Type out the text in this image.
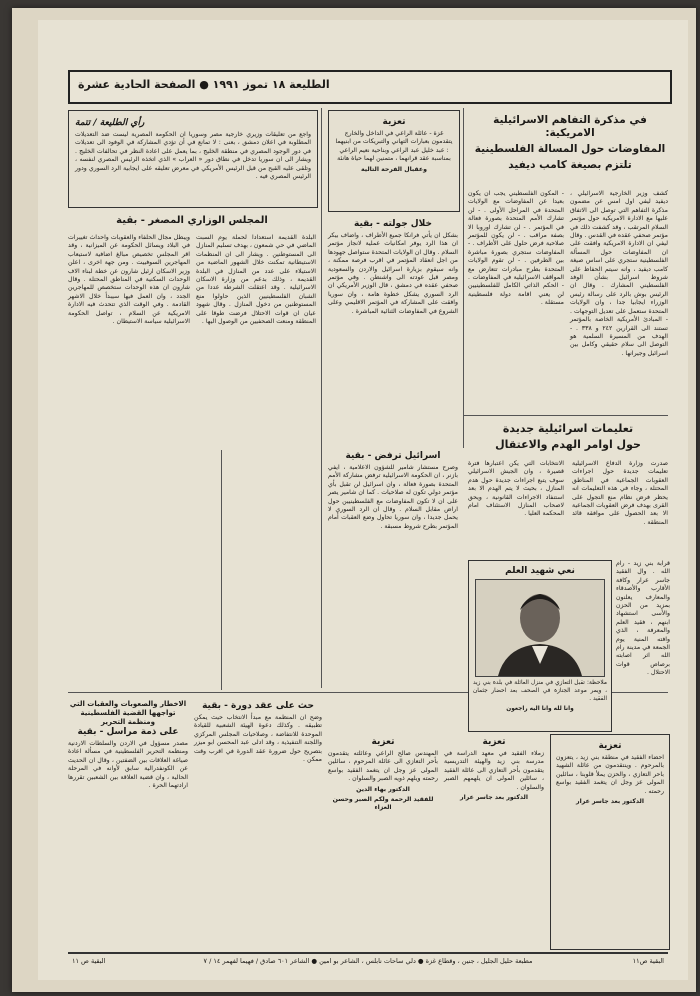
الطليعة ١٨ تموز ١٩٩١ ● الصفحة الحادية عشرة
رأي الطليعة / تتمة

واجع من تعليقات وزيري خارجية مصر وسوريا ان الحكومة المصرية ليست ضد التعديلات المطلوبة في اعلان دمشق ، بعنى : لا تمانع في أن تؤدي المشاركة في الوفود الى تعديلات في دور الوجود المصري في منطقة الخليج ، بما يعمل على اعادة النظر في تحالفات الخليج . ويشار الى ان سوريا تدخل في نطاق دور « العراب » الذي اتخذه الرئيس المصري لنفسه ، وتلقى عليه القبح من قبل الرئيس الأمريكي في معرض تعليقه على ايجابية الرد السوري ودور الرئيس المصري فيه .

تعزية

غزة - عائلة الراعي في الداخل والخارج يتقدمون بعبارات التهاني والتبريكات من ابنيهما : عبد خليل عبد الراعي وبناحية نعيم الراعي بمناسبة عقد قرانهما ، متمنين لهما حياة هانئة

وعقبال الفرحة التالية

في مذكرة التفاهم الاسرائيلية الامريكية:
المفاوضات حول المسالة الفلسطينية
تلتزم بصيغة كامب ديفيد

كشف وزير الخارجية الاسرائيلي ، ديفيد ليفي اول امس عن مضمون مذكرة التفاهم التي توصل الى الاتفاق عليها مع الادارة الامريكية حول مؤتمر السلام المرتقب ، وقد كشفت ذلك في مؤتمر صحفي عقده في القدس . وقال ليفي ان الادارة الامريكية وافقت على ان المفاوضات حول المسألة الفلسطينية ستجري على اساس صيغة كامب ديفيد ، وانه سيتم الحفاظ على شروط اسرائيل بشأن الوفد الفلسطيني المشارك . وقال ان الرئيس بوش بالرد على رسالة رئيس الوزراء ايجابيا جدا ، وان الولايات المتحدة ستعمل على تعديل التوجهات . - المبادئ الأمريكية الخاصة بالمؤتمر تستند الى القرارين ٢٤٢ و ٣٣٨ . - الهدف من المسيرة السلمية هو التوصل الى سلام حقيقي وكامل بين اسرائيل وجيرانها .

- المكون الفلسطيني يجب ان يكون بعيدا عن المفاوضات مع الولايات المتحدة في المراحل الأولى . - لن تشارك الأمم المتحدة بصورة فعالة في المؤتمر . - لن تشارك اوروبا الا بصفة مراقب . - لن يكون للمؤتمر صلاحية فرض حلول على الأطراف . - المفاوضات ستجري بصورة مباشرة بين الطرفين . - لن تقوم الولايات المتحدة بطرح مبادرات تتعارض مع المواقف الاسرائيلية في المفاوضات . - الحكم الذاتي الكامل للفلسطينيين لن يعني اقامة دولة فلسطينية مستقلة .

خلال جولته - بقية

بشكل ان يأتي فرانكا جميع الأطراف ، واضاف بيكر ان هذا الرد يوفر امكانيات عملية لانجاز مؤتمر السلام . وقال ان الولايات المتحدة ستواصل جهودها من اجل انعقاد المؤتمر في اقرب فرصة ممكنة ، وانه سيقوم بزيارة اسرائيل والاردن والسعودية ومصر قبل عودته الى واشنطن . وفي مؤتمر صحفي عقده في دمشق ، قال الوزير الأمريكي ان الرد السوري يشكل خطوة هامة ، وان سوريا وافقت على المشاركة في المؤتمر الاقليمي وعلى الشروع في المفاوضات الثنائية المباشرة .

المجلس الوزاري المصغر - بقية

البلدة القديمة استعدادا لحملة يوم السبت الماضي في حي شمعون ، بهدف تسليم المنازل الى المستوطنين . ويشار الى ان المنظمات الاستيطانية تمكنت خلال الشهور الماضية من الاستيلاء على عدد من المنازل في البلدة القديمة ، وذلك بدعم من وزارة الاسكان الاسرائيلية . وقد اعتقلت الشرطة عددا من الشبان الفلسطينيين الذين حاولوا منع المستوطنين من دخول المنازل . وقال شهود عيان ان قوات الاحتلال فرضت طوقا على المنطقة ومنعت الصحفيين من الوصول اليها .

ويبطل مجال الحلفاء والعقوبات واحداث تغييرات في البلاد ويسائل الحكومة عن الميزانية ، وقد اقر المجلس تخصيص مبالغ اضافية لاستيعاب المهاجرين السوفييت . ومن جهة اخرى ، اعلن وزير الاسكان ارئيل شارون عن خطة لبناء الاف الوحدات السكنية في المناطق المحتلة . وقال شارون ان هذه الوحدات ستخصص للمهاجرين الجدد ، وان العمل فيها سيبدأ خلال الاشهر القادمة . وفي الوقت الذي تتحدث فيه الادارة الامريكية عن السلام ، تواصل الحكومة الاسرائيلية سياسة الاستيطان .

اسرائيل ترفض - بقية

وصرح مستشار شامير للشؤون الاعلامية ، ايفي بازنر ، ان الحكومة الاسرائيلية ترفض مشاركة الأمم المتحدة بصورة فعالة ، وان اسرائيل لن تقبل بأي مؤتمر دولي تكون له صلاحيات . كما ان شامير يصر على ان لا تكون المفاوضات مع الفلسطينيين حول اراض مقابل السلام . وقال ان الرد السوري لا يحمل جديدا ، وان سوريا تحاول وضع العقبات أمام المؤتمر بطرح شروط مسبقة .

تعليمات اسرائيلية جديدة
حول اوامر الهدم والاعتقال

صدرت وزارة الدفاع الاسرائيلية تعليمات جديدة حول اجراءات العقوبات الجماعية في المناطق المحتلة ، وجاء في هذه التعليمات انه يحظر فرض نظام منع التجول على القرى بهدف فرض العقوبات الجماعية الا بعد الحصول على موافقة قائد المنطقة .

الانتخابات التي يكن اعتبارها فترة قصيرة ، وان الجيش الاسرائيلي سوف يتبع اجراءات جديدة حول هدم المنازل ، بحيث لا يتم الهدم الا بعد استنفاد الاجراءات القانونية ، ويحق لاصحاب المنازل الاستئناف امام المحكمة العليا .

نعي شهيد العلم

ملاحظة: تقبل التعازي في منزل العائلة في بلدة بني زيد ، ويمر موعد الجنازة في الصحف بعد احضار جثمان الفقيد .

وانا لله وانا اليه راجعون

قرابة بني زيد - رام الله . وال الفقيد جاسر عرار وكافة الأقارب والأصدقاء والمعارف يعلنون بمزيد من الحزن والأسى استشهاد ابنهم ، فقيد العلم والمعرفة ، الذي وافته المنية يوم الجمعة في مدينة رام الله اثر اصابته برصاص قوات الاحتلال .

الاخطار والصعوبات والعقبات التي تواجهها القضية الفلسطينية ومنظمة التحرير
على ذمة مراسل - بقية

مصدر مسؤول في الاردن والسلطات الاردنية ومنظمة التحرير الفلسطينية في مسألة اعادة صياغة العلاقات بين الضفتين ، وقال ان الحديث عن الكونفدرالية سابق لأوانه في المرحلة الحالية ، وان قضية العلاقة بين الشعبين تقررها ارادتهما الحرة .

حث على عقد دورة - بقية

وضح ان المنظمة مع مبدأ الانتخاب حيث يمكن تطبيقه . وكذلك دعوة الهيئة الشعبية للقيادة الموحدة للانتفاضة ، وصلاحيات المجلس المركزي واللجنة التنفيذية ، وقد ادلى عبد المحسن ابو ميزر بتصريح حول ضرورة عقد الدورة في اقرب وقت ممكن .

تعزية

المهندس صالح الراعي وعائلته يتقدمون بأحر التعازي الى عائلة المرحوم ، سائلين المولى عز وجل ان يتغمد الفقيد بواسع رحمته ويلهم ذويه الصبر والسلوان .

الدكتور بهاء الدين

للفقيد الرحمة ولكم الصبر وحسن العزاء

تعزية

زملاء الفقيد في معهد الدراسة في مدرسة بني زيد والهيئة التدريسية يتقدمون بأحر التعازي الى عائلة الفقيد ، سائلين المولى ان يلهمهم الصبر والسلوان .

الدكتور بعد جاسر عرار

تعزية

احضاء الفقيد في منطقة بني زيد ، يتعزون بالمرحوم . وينتقدمون من عائلة الشهيد باحر التعازي ، والحزن يملأ قلوبنا ، سائلين المولى عز وجل ان يتغمد الفقيد بواسع رحمته .

الدكتور بعد جاسر عرار

البقية ص ١١	مطبعة حليل الجليل ، جنين ، وقطاع غزة ● دلي ساحات نابلس ، الشاعر بو امين ● الشاعر ٦٠١ صادق / فهيما لفهمر ١٤ / ٧	البقية ص١١
